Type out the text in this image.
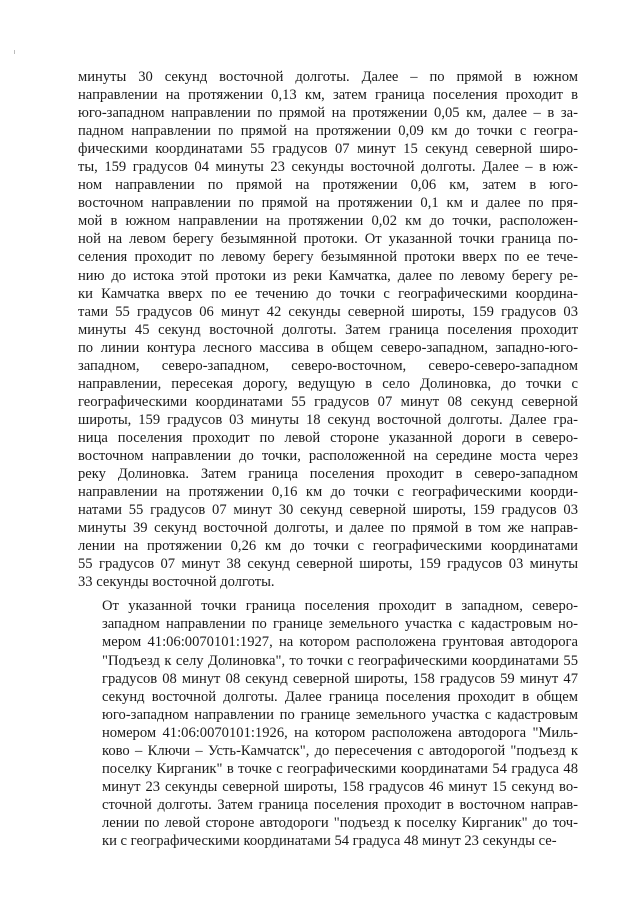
минуты 30 секунд восточной долготы. Далее – по прямой в южном
направлении на протяжении 0,13 км, затем граница поселения проходит в
юго-западном направлении по прямой на протяжении 0,05 км, далее – в за-
падном направлении по прямой на протяжении 0,09 км до точки с геогра-
фическими координатами 55 градусов 07 минут 15 секунд северной широ-
ты, 159 градусов 04 минуты 23 секунды восточной долготы. Далее – в юж-
ном направлении по прямой на протяжении 0,06 км, затем в юго-
восточном направлении по прямой на протяжении 0,1 км и далее по пря-
мой в южном направлении на протяжении 0,02 км до точки, расположен-
ной на левом берегу безымянной протоки. От указанной точки граница по-
селения проходит по левому берегу безымянной протоки вверх по ее тече-
нию до истока этой протоки из реки Камчатка, далее по левому берегу ре-
ки Камчатка вверх по ее течению до точки с географическими координа-
тами 55 градусов 06 минут 42 секунды северной широты, 159 градусов 03
минуты 45 секунд восточной долготы. Затем граница поселения проходит
по линии контура лесного массива в общем северо-западном, западно-юго-
западном, северо-западном, северо-восточном, северо-северо-западном
направлении, пересекая дорогу, ведущую в село Долиновка, до точки с
географическими координатами 55 градусов 07 минут 08 секунд северной
широты, 159 градусов 03 минуты 18 секунд восточной долготы. Далее гра-
ница поселения проходит по левой стороне указанной дороги в северо-
восточном направлении до точки, расположенной на середине моста через
реку Долиновка. Затем граница поселения проходит в северо-западном
направлении на протяжении 0,16 км до точки с географическими коорди-
натами 55 градусов 07 минут 30 секунд северной широты, 159 градусов 03
минуты 39 секунд восточной долготы, и далее по прямой в том же направ-
лении на протяжении 0,26 км до точки с географическими координатами
55 градусов 07 минут 38 секунд северной широты, 159 градусов 03 минуты
33 секунды восточной долготы.

От указанной точки граница поселения проходит в западном, северо-
западном направлении по границе земельного участка с кадастровым но-
мером 41:06:0070101:1927, на котором расположена грунтовая автодорога
"Подъезд к селу Долиновка", то точки с географическими координатами 55
градусов 08 минут 08 секунд северной широты, 158 градусов 59 минут 47
секунд восточной долготы. Далее граница поселения проходит в общем
юго-западном направлении по границе земельного участка с кадастровым
номером 41:06:0070101:1926, на котором расположена автодорога "Миль-
ково – Ключи – Усть-Камчатск", до пересечения с автодорогой "подъезд к
поселку Кирганик" в точке с географическими координатами 54 градуса 48
минут 23 секунды северной широты, 158 градусов 46 минут 15 секунд во-
сточной долготы. Затем граница поселения проходит в восточном направ-
лении по левой стороне автодороги "подъезд к поселку Кирганик" до точ-
ки с географическими координатами 54 градуса 48 минут 23 секунды се-
